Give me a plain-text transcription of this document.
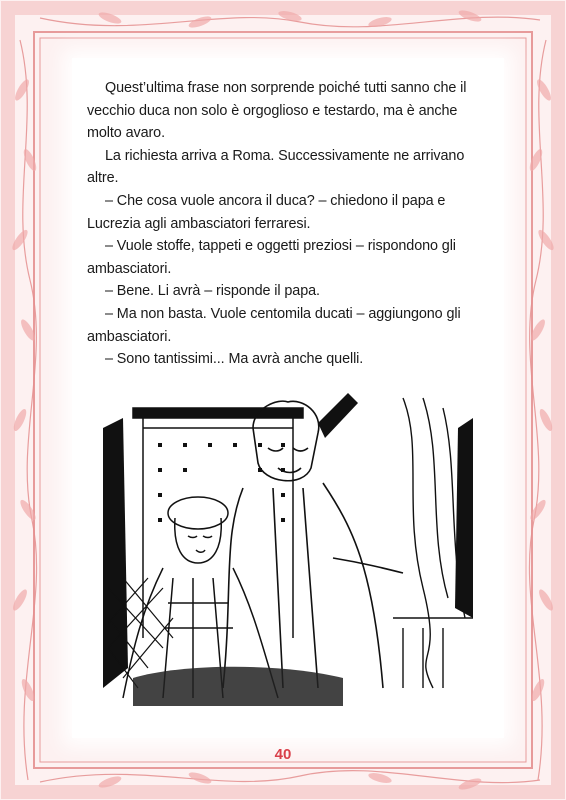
Quest’ultima frase non sorprende poiché tutti sanno che il vecchio duca non solo è orgoglioso e testardo, ma è anche molto avaro.

La richiesta arriva a Roma. Successivamente ne arrivano altre.

– Che cosa vuole ancora il duca? – chiedono il papa e Lucrezia agli ambasciatori ferraresi.

– Vuole stoffe, tappeti e oggetti preziosi – rispondono gli ambasciatori.

– Bene. Li avrà – risponde il papa.

– Ma non basta. Vuole centomila ducati – aggiungono gli ambasciatori.

– Sono tantissimi... Ma avrà anche quelli.

40
